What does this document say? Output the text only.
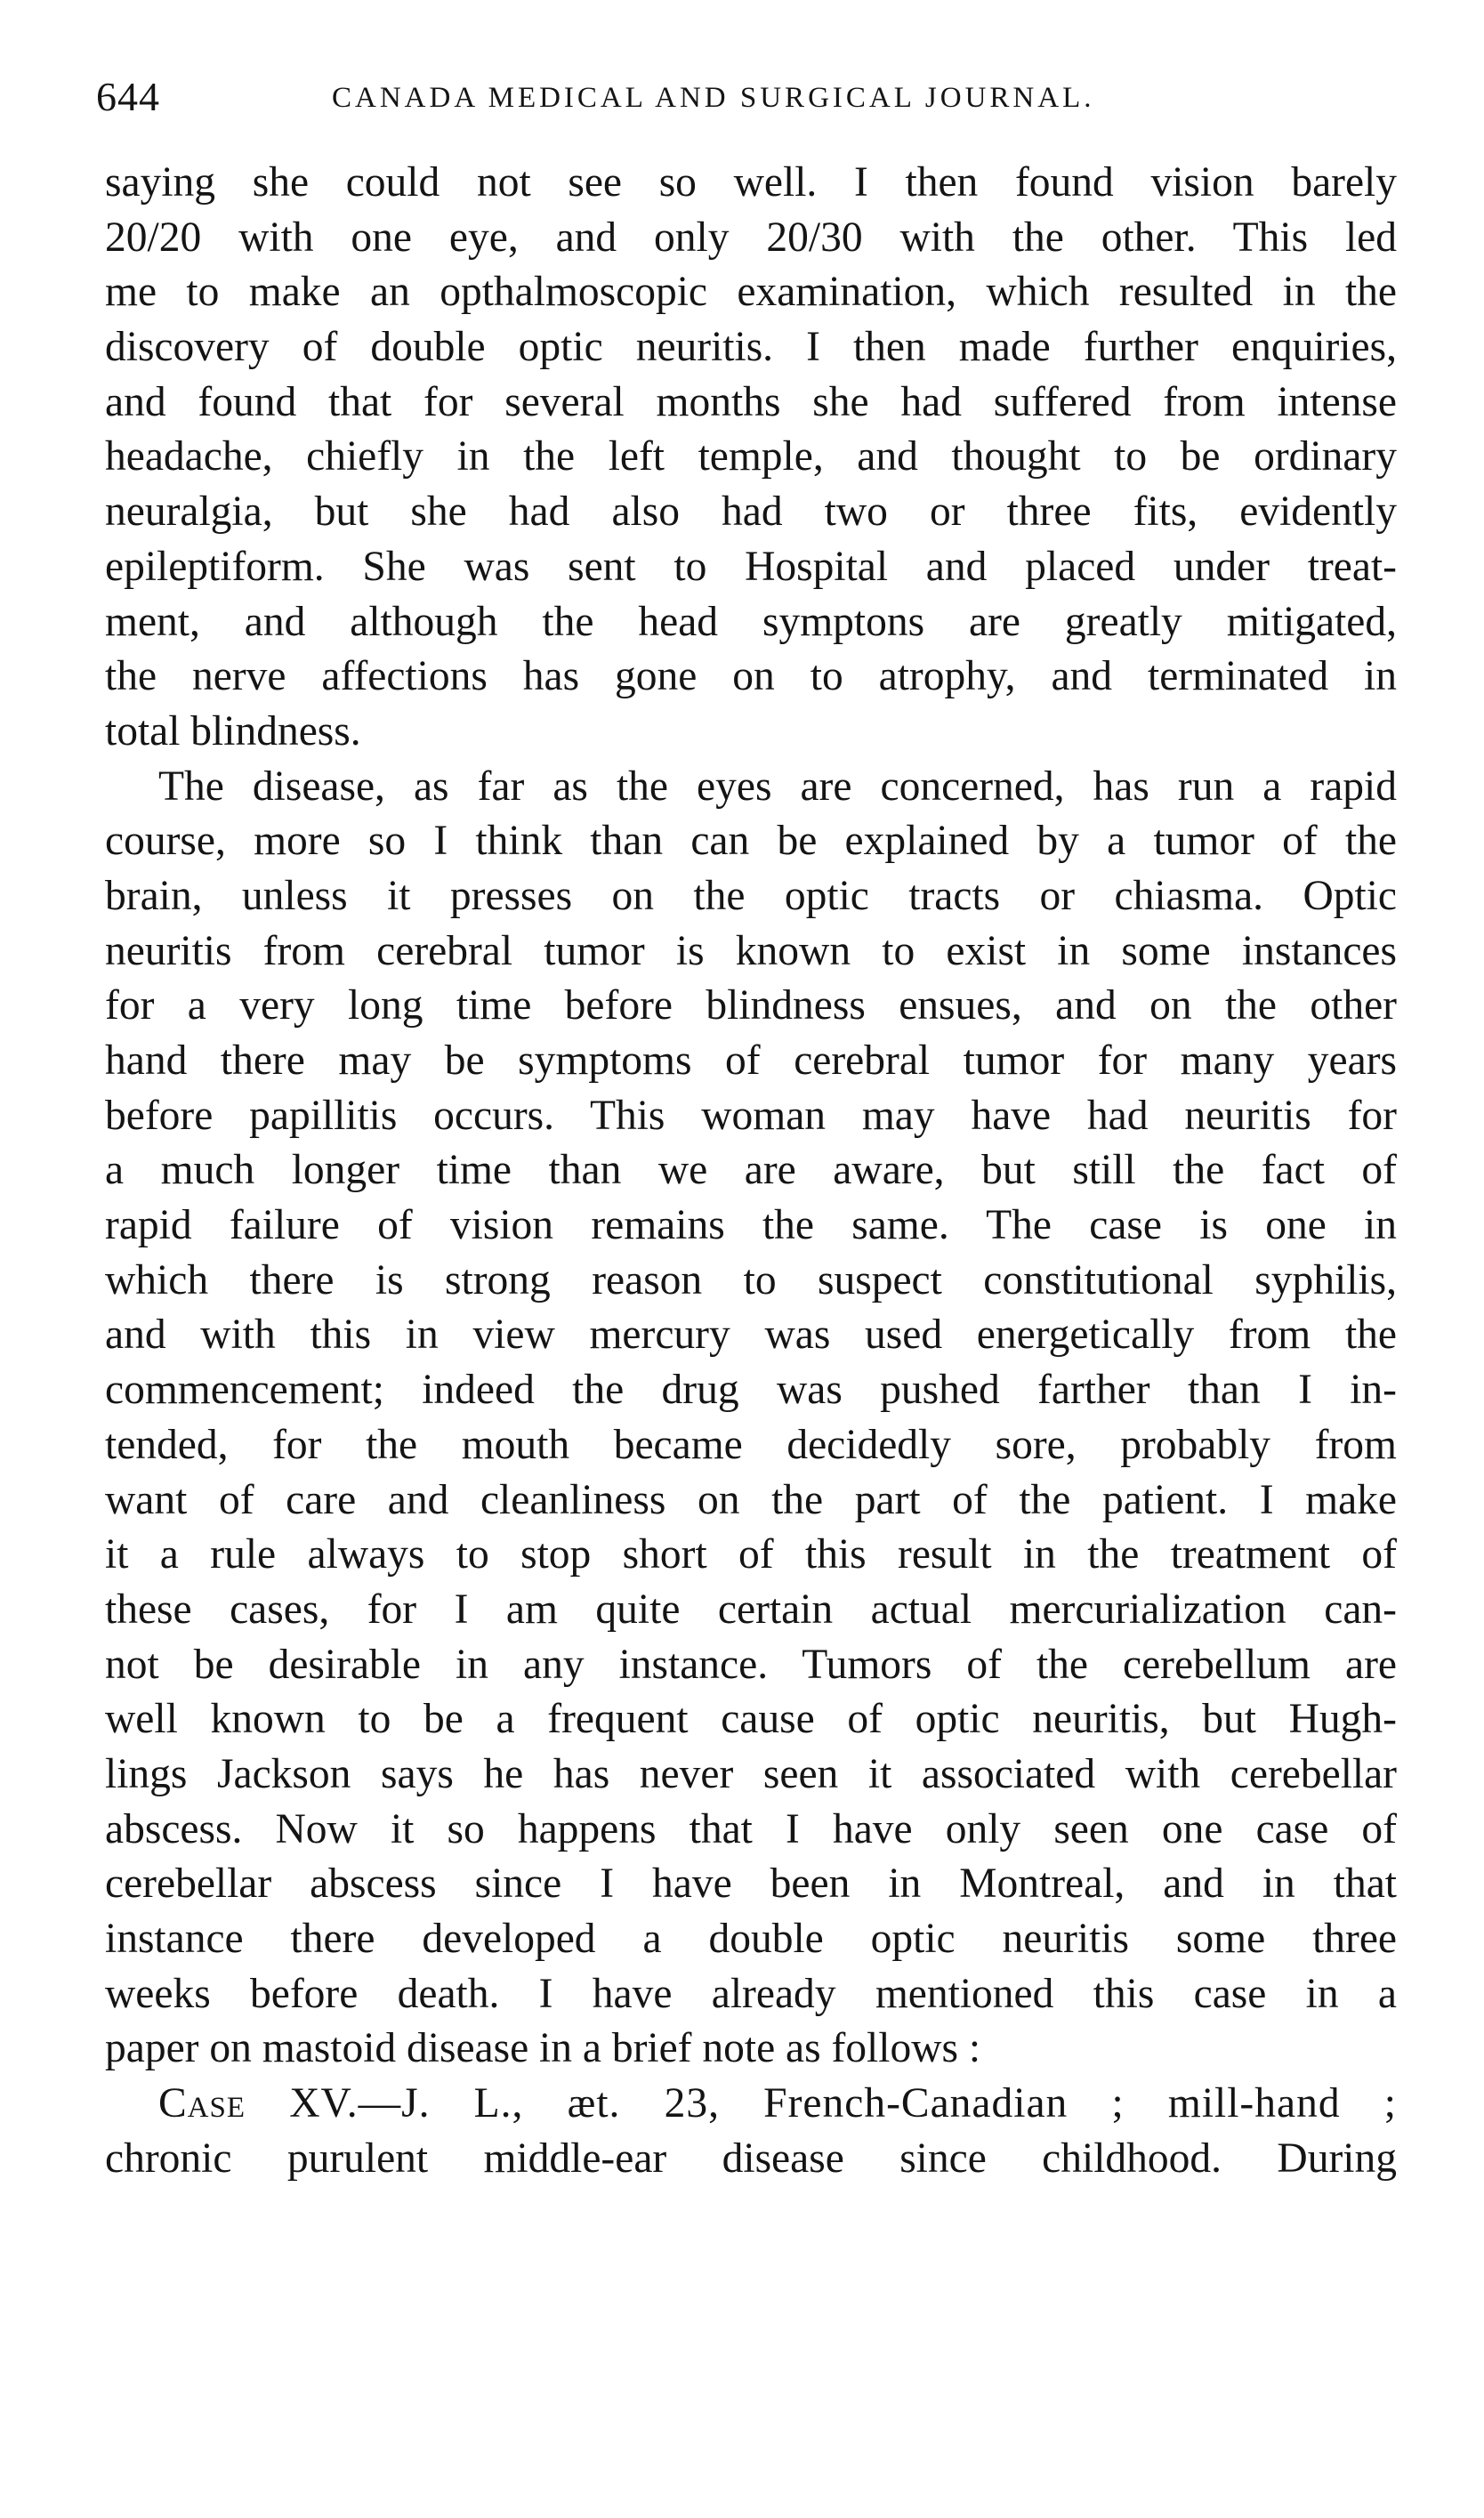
644	CANADA MEDICAL AND SURGICAL JOURNAL.
saying she could not see so well. I then found vision barely
20/20 with one eye, and only 20/30 with the other. This led
me to make an opthalmoscopic examination, which resulted in the
discovery of double optic neuritis. I then made further enquiries,
and found that for several months she had suffered from intense
headache, chiefly in the left temple, and thought to be ordinary
neuralgia, but she had also had two or three fits, evidently
epileptiform. She was sent to Hospital and placed under treat-
ment, and although the head symptons are greatly mitigated,
the nerve affections has gone on to atrophy, and terminated in
total blindness.
The disease, as far as the eyes are concerned, has run a rapid
course, more so I think than can be explained by a tumor of the
brain, unless it presses on the optic tracts or chiasma. Optic
neuritis from cerebral tumor is known to exist in some instances
for a very long time before blindness ensues, and on the other
hand there may be symptoms of cerebral tumor for many years
before papillitis occurs. This woman may have had neuritis for
a much longer time than we are aware, but still the fact of
rapid failure of vision remains the same. The case is one in
which there is strong reason to suspect constitutional syphilis,
and with this in view mercury was used energetically from the
commencement; indeed the drug was pushed farther than I in-
tended, for the mouth became decidedly sore, probably from
want of care and cleanliness on the part of the patient. I make
it a rule always to stop short of this result in the treatment of
these cases, for I am quite certain actual mercurialization can-
not be desirable in any instance. Tumors of the cerebellum are
well known to be a frequent cause of optic neuritis, but Hugh-
lings Jackson says he has never seen it associated with cerebellar
abscess. Now it so happens that I have only seen one case of
cerebellar abscess since I have been in Montreal, and in that
instance there developed a double optic neuritis some three
weeks before death. I have already mentioned this case in a
paper on mastoid disease in a brief note as follows :
Case XV.—J. L., æt. 23, French-Canadian ; mill-hand ;
chronic purulent middle-ear disease since childhood. During
